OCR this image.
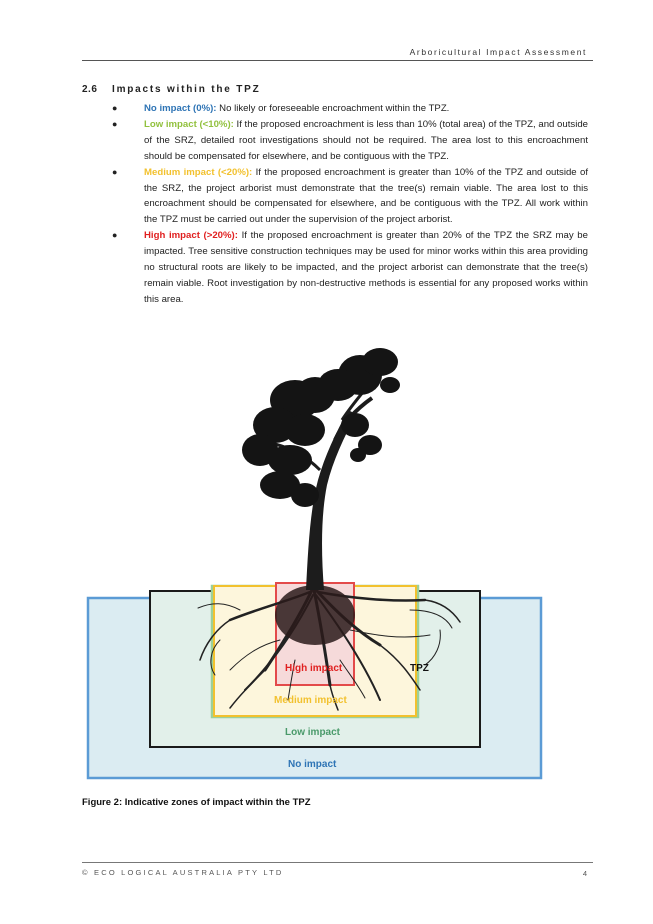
Arboricultural Impact Assessment
2.6 Impacts within the TPZ
●	No impact (0%): No likely or foreseeable encroachment within the TPZ.
●	Low impact (<10%): If the proposed encroachment is less than 10% (total area) of the TPZ, and outside of the SRZ, detailed root investigations should not be required. The area lost to this encroachment should be compensated for elsewhere, and be contiguous with the TPZ.
●	Medium impact (<20%): If the proposed encroachment is greater than 10% of the TPZ and outside of the SRZ, the project arborist must demonstrate that the tree(s) remain viable. The area lost to this encroachment should be compensated for elsewhere, and be contiguous with the TPZ. All work within the TPZ must be carried out under the supervision of the project arborist.
●	High impact (>20%): If the proposed encroachment is greater than 20% of the TPZ the SRZ may be impacted. Tree sensitive construction techniques may be used for minor works within this area providing no structural roots are likely to be impacted, and the project arborist can demonstrate that the tree(s) remain viable. Root investigation by non-destructive methods is essential for any proposed works within this area.
High impact	TPZ
Medium impact
Low impact
No impact
Figure 2: Indicative zones of impact within the TPZ
© ECO LOGICAL AUSTRALIA PTY LTD	4
